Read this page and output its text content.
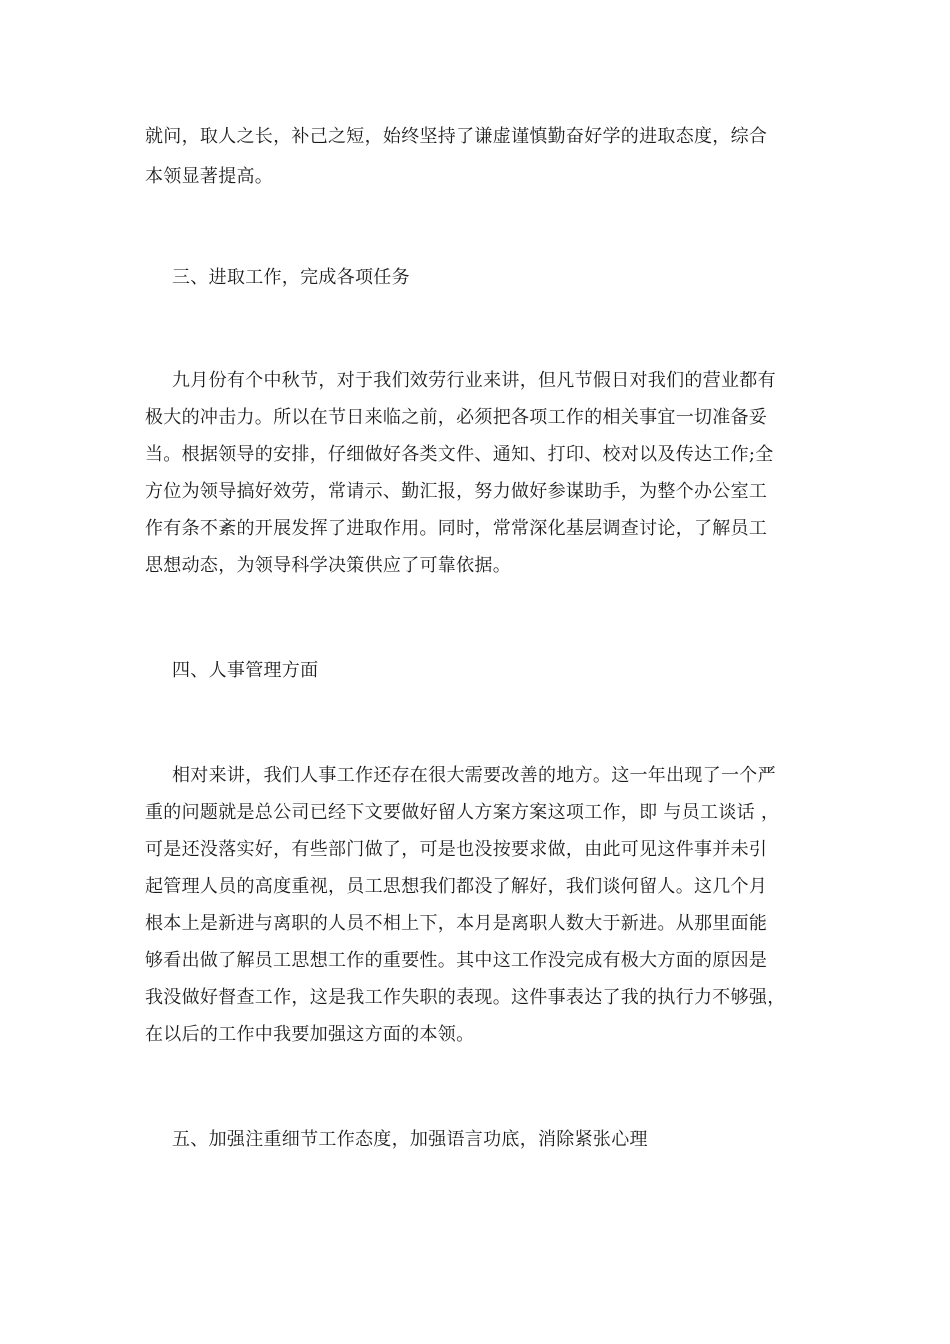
就问，取人之长，补己之短，始终坚持了谦虚谨慎勤奋好学的进取态度，综合
本领显著提高。
三、进取工作，完成各项任务
九月份有个中秋节，对于我们效劳行业来讲，但凡节假日对我们的营业都有
极大的冲击力。所以在节日来临之前，必须把各项工作的相关事宜一切准备妥
当。根据领导的安排，仔细做好各类文件、通知、打印、校对以及传达工作;全
方位为领导搞好效劳，常请示、勤汇报，努力做好参谋助手，为整个办公室工
作有条不紊的开展发挥了进取作用。同时，常常深化基层调查讨论，了解员工
思想动态，为领导科学决策供应了可靠依据。
四、人事管理方面
相对来讲，我们人事工作还存在很大需要改善的地方。这一年出现了一个严
重的问题就是总公司已经下文要做好留人方案方案这项工作，即 与员工谈话 ，
可是还没落实好，有些部门做了，可是也没按要求做，由此可见这件事并未引
起管理人员的高度重视，员工思想我们都没了解好，我们谈何留人。这几个月
根本上是新进与离职的人员不相上下，本月是离职人数大于新进。从那里面能
够看出做了解员工思想工作的重要性。其中这工作没完成有极大方面的原因是
我没做好督查工作，这是我工作失职的表现。这件事表达了我的执行力不够强，
在以后的工作中我要加强这方面的本领。
五、加强注重细节工作态度，加强语言功底，消除紧张心理
